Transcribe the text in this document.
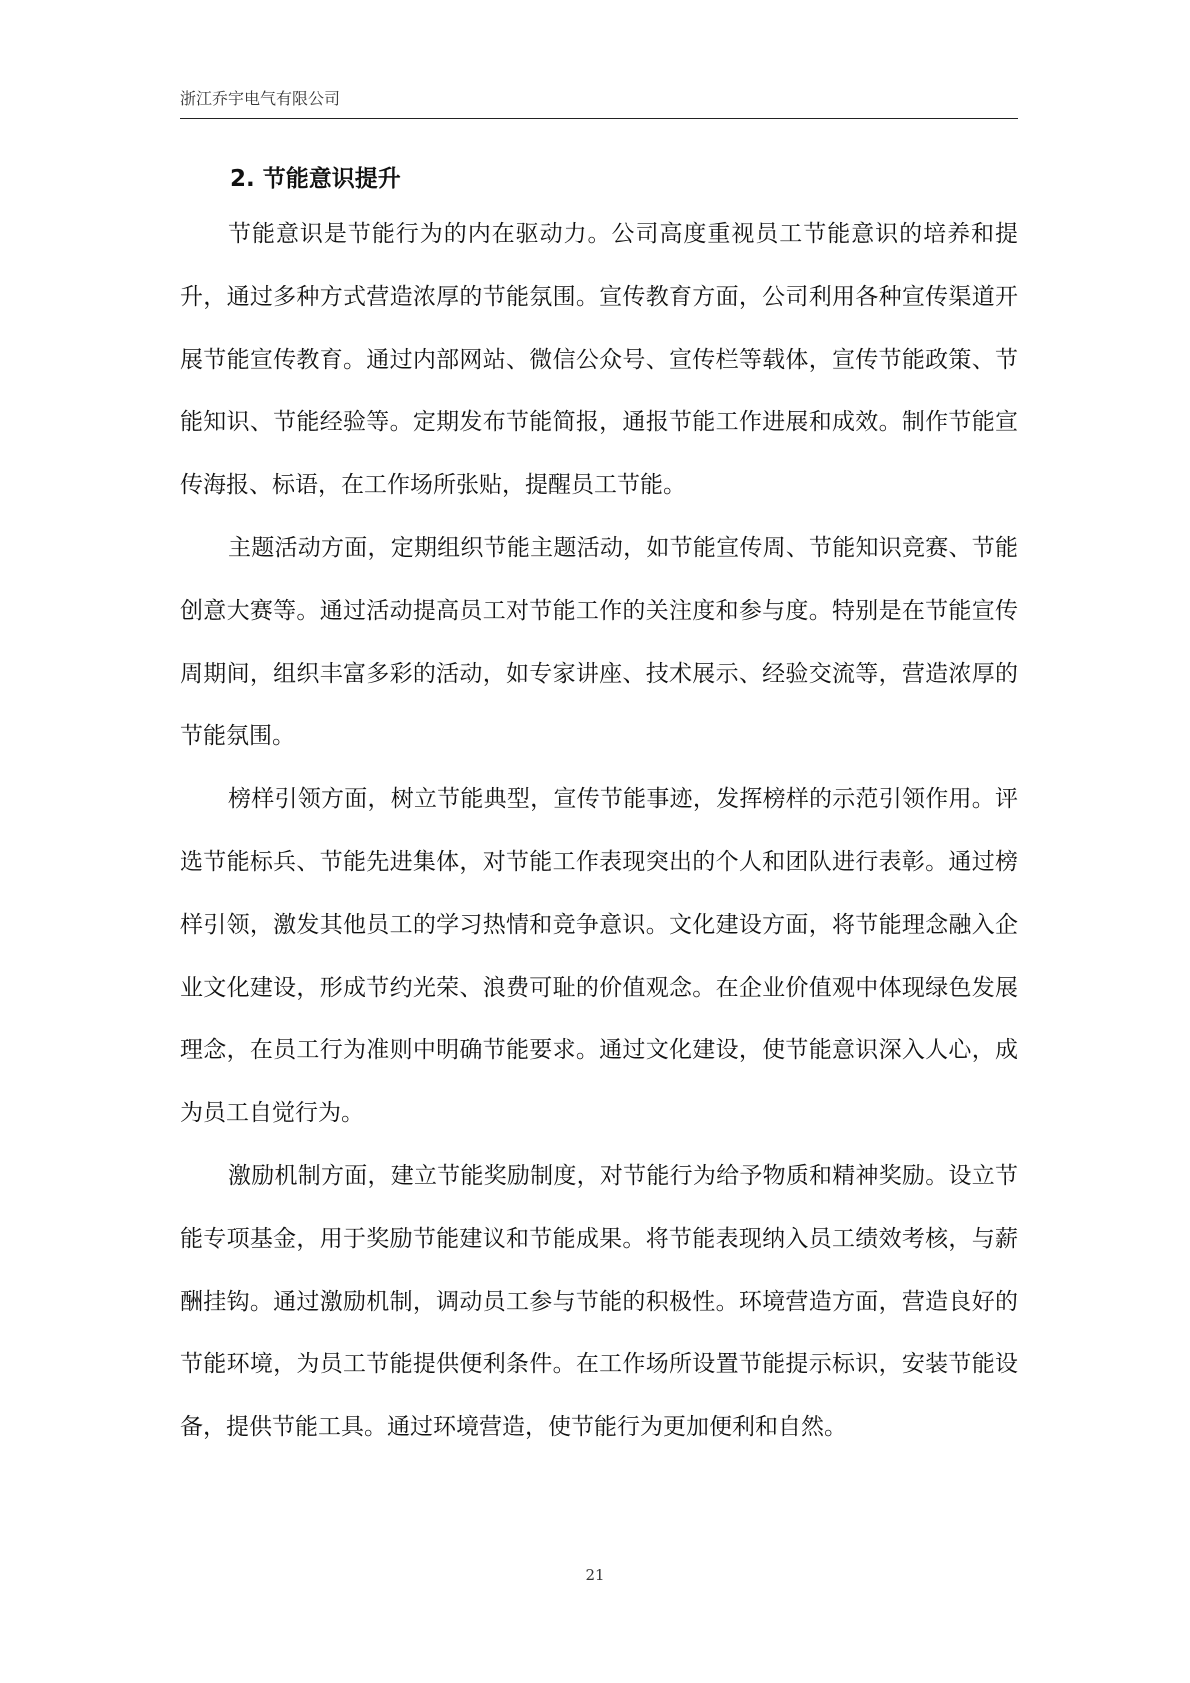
浙江乔宇电气有限公司
2. 节能意识提升

节能意识是节能行为的内在驱动力。公司高度重视员工节能意识的培养和提升，通过多种方式营造浓厚的节能氛围。宣传教育方面，公司利用各种宣传渠道开展节能宣传教育。通过内部网站、微信公众号、宣传栏等载体，宣传节能政策、节能知识、节能经验等。定期发布节能简报，通报节能工作进展和成效。制作节能宣传海报、标语，在工作场所张贴，提醒员工节能。

主题活动方面，定期组织节能主题活动，如节能宣传周、节能知识竞赛、节能创意大赛等。通过活动提高员工对节能工作的关注度和参与度。特别是在节能宣传周期间，组织丰富多彩的活动，如专家讲座、技术展示、经验交流等，营造浓厚的节能氛围。

榜样引领方面，树立节能典型，宣传节能事迹，发挥榜样的示范引领作用。评选节能标兵、节能先进集体，对节能工作表现突出的个人和团队进行表彰。通过榜样引领，激发其他员工的学习热情和竞争意识。文化建设方面，将节能理念融入企业文化建设，形成节约光荣、浪费可耻的价值观念。在企业价值观中体现绿色发展理念，在员工行为准则中明确节能要求。通过文化建设，使节能意识深入人心，成为员工自觉行为。

激励机制方面，建立节能奖励制度，对节能行为给予物质和精神奖励。设立节能专项基金，用于奖励节能建议和节能成果。将节能表现纳入员工绩效考核，与薪酬挂钩。通过激励机制，调动员工参与节能的积极性。环境营造方面，营造良好的节能环境，为员工节能提供便利条件。在工作场所设置节能提示标识，安装节能设备，提供节能工具。通过环境营造，使节能行为更加便利和自然。

21
